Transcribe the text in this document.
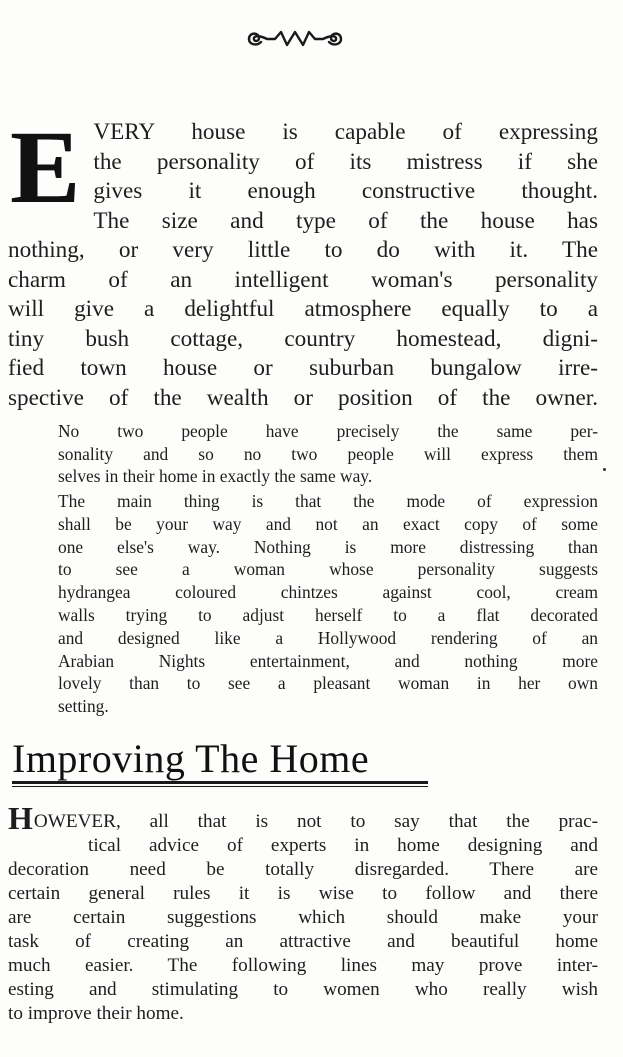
E VERY house is capable of expressing
the personality of its mistress if she
gives it enough constructive thought.
The size and type of the house has
nothing, or very little to do with it. The
charm of an intelligent woman's personality
will give a delightful atmosphere equally to a
tiny bush cottage, country homestead, digni-
fied town house or suburban bungalow irre-
spective of the wealth or position of the owner.
No two people have precisely the same per-
sonality and so no two people will express them
selves in their home in exactly the same way.
The main thing is that the mode of expression
shall be your way and not an exact copy of some
one else's way. Nothing is more distressing than
to see a woman whose personality suggests
hydrangea coloured chintzes against cool, cream
walls trying to adjust herself to a flat decorated
and designed like a Hollywood rendering of an
Arabian Nights entertainment, and nothing more
lovely than to see a pleasant woman in her own
setting.
Improving The Home
HOWEVER, all that is not to say that the prac-
tical advice of experts in home designing and
decoration need be totally disregarded. There are
certain general rules it is wise to follow and there
are certain suggestions which should make your
task of creating an attractive and beautiful home
much easier. The following lines may prove inter-
esting and stimulating to women who really wish
to improve their home.
